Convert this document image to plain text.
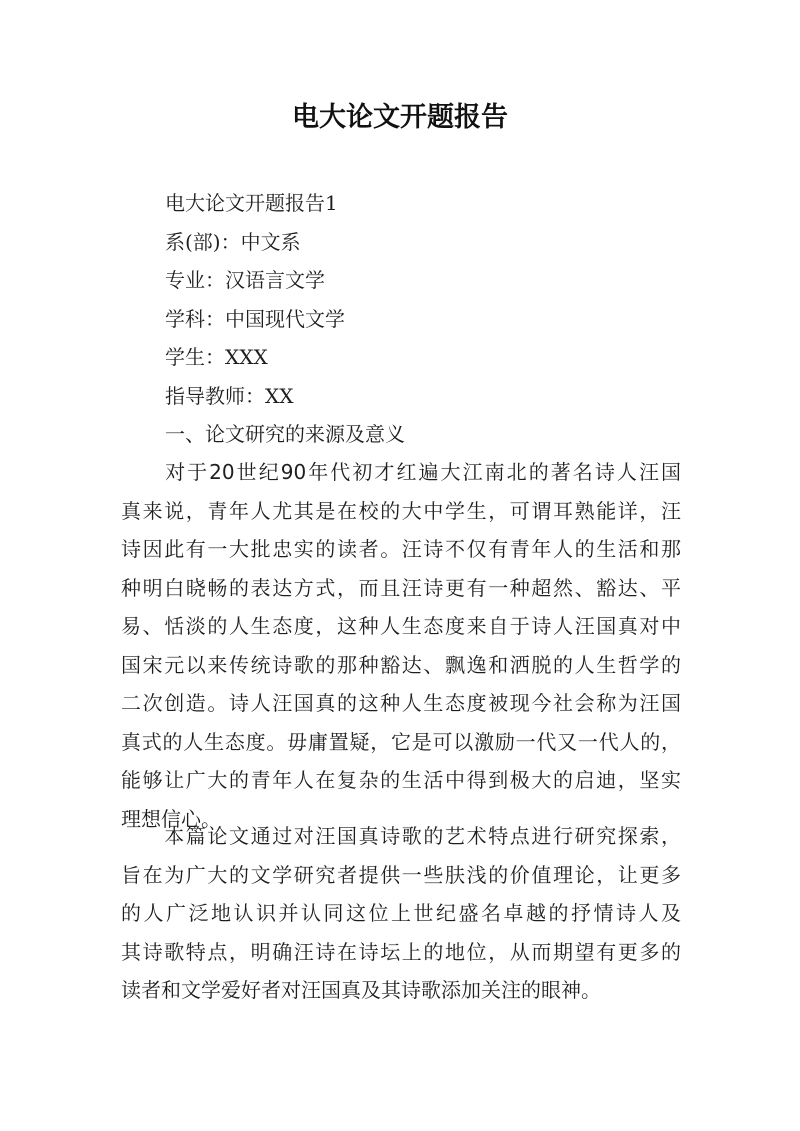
电大论文开题报告
电大论文开题报告1
系(部)：中文系
专业：汉语言文学
学科：中国现代文学
学生：XXX
指导教师：XX
一、论文研究的来源及意义
　　对于20世纪90年代初才红遍大江南北的著名诗人汪国
真来说，青年人尤其是在校的大中学生，可谓耳熟能详，汪
诗因此有一大批忠实的读者。汪诗不仅有青年人的生活和那
种明白晓畅的表达方式，而且汪诗更有一种超然、豁达、平
易、恬淡的人生态度，这种人生态度来自于诗人汪国真对中
国宋元以来传统诗歌的那种豁达、飘逸和洒脱的人生哲学的
二次创造。诗人汪国真的这种人生态度被现今社会称为汪国
真式的人生态度。毋庸置疑，它是可以激励一代又一代人的，
能够让广大的青年人在复杂的生活中得到极大的启迪，坚实
理想信心。
　　本篇论文通过对汪国真诗歌的艺术特点进行研究探索，
旨在为广大的文学研究者提供一些肤浅的价值理论，让更多
的人广泛地认识并认同这位上世纪盛名卓越的抒情诗人及
其诗歌特点，明确汪诗在诗坛上的地位，从而期望有更多的
读者和文学爱好者对汪国真及其诗歌添加关注的眼神。
